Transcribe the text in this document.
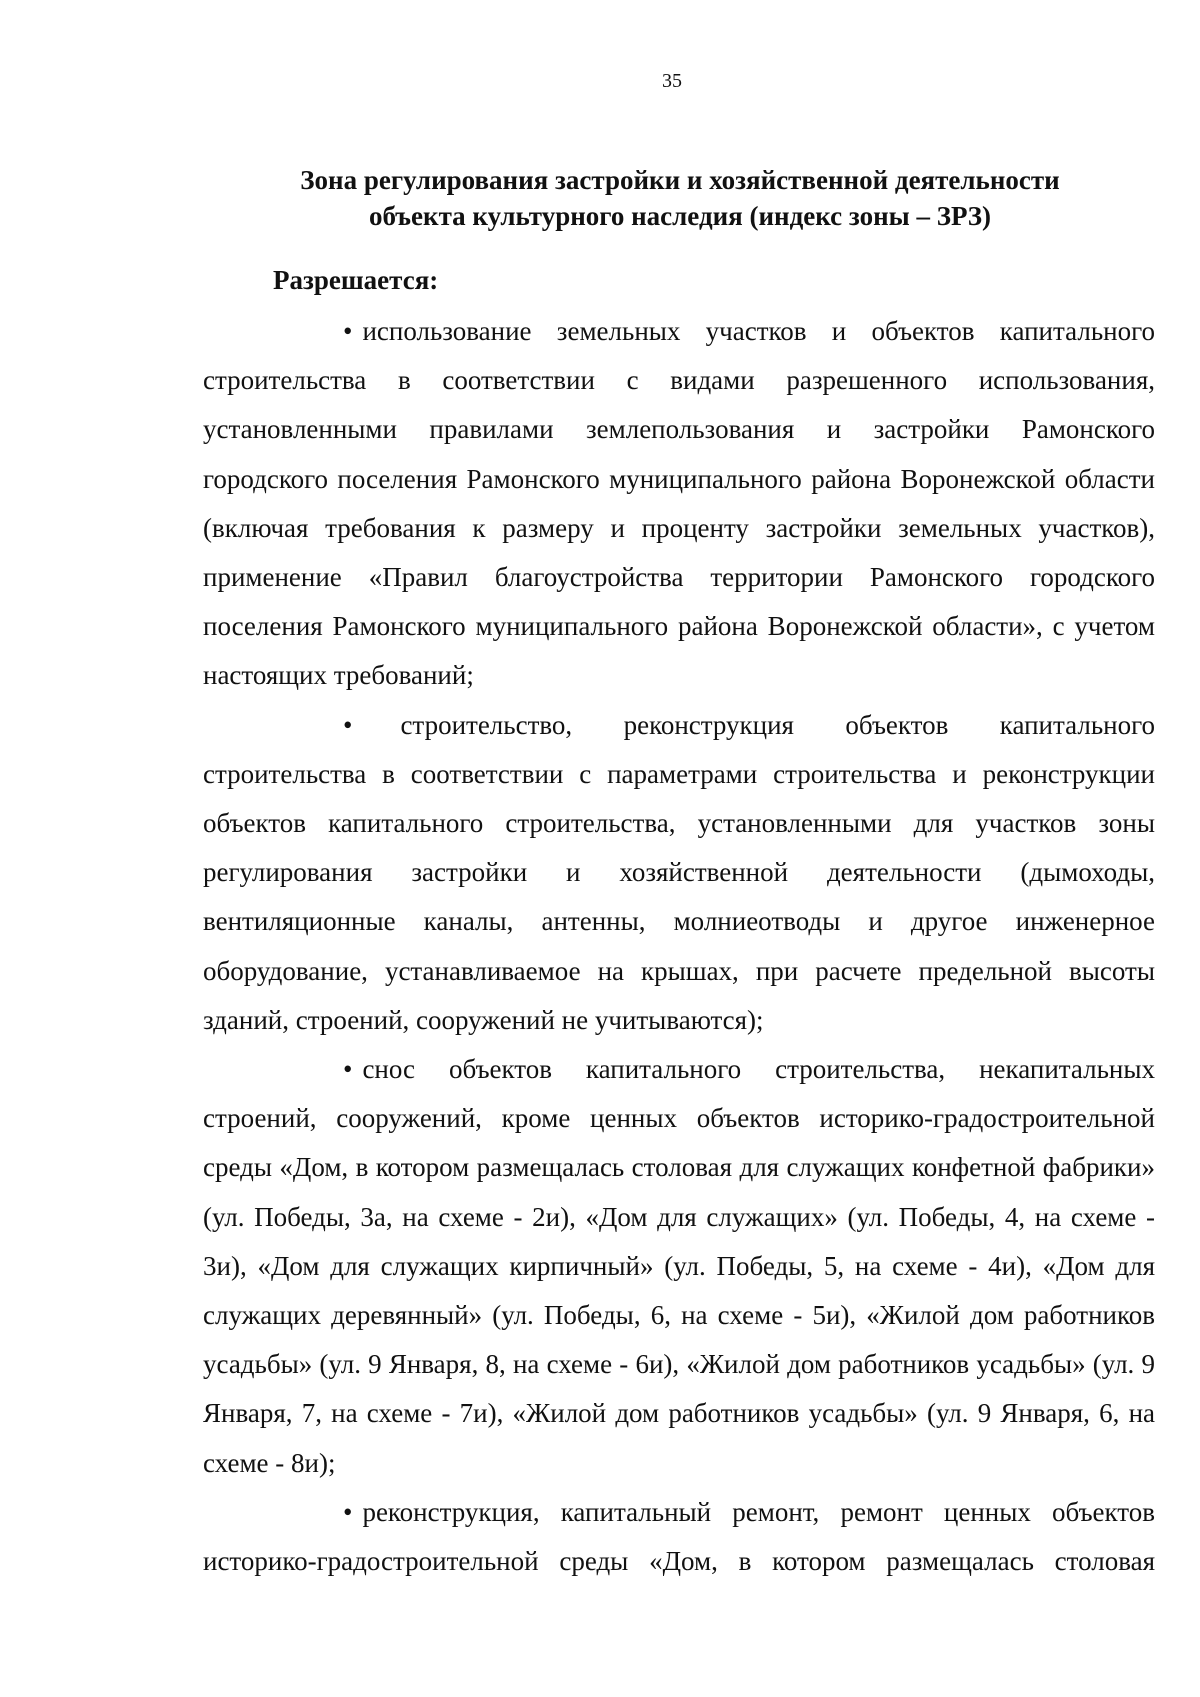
35
Зона регулирования застройки и хозяйственной деятельности
объекта культурного наследия (индекс зоны – ЗРЗ)
Разрешается:

• использование земельных участков и объектов капитального строительства в соответствии с видами разрешенного использования, установленными правилами землепользования и застройки Рамонского городского поселения Рамонского муниципального района Воронежской области (включая требования к размеру и проценту застройки земельных участков), применение «Правил благоустройства территории Рамонского городского поселения Рамонского муниципального района Воронежской области», с учетом настоящих требований;

• строительство, реконструкция объектов капитального строительства в соответствии с параметрами строительства и реконструкции объектов капитального строительства, установленными для участков зоны регулирования застройки и хозяйственной деятельности (дымоходы, вентиляционные каналы, антенны, молниеотводы и другое инженерное оборудование, устанавливаемое на крышах, при расчете предельной высоты зданий, строений, сооружений не учитываются);

• снос объектов капитального строительства, некапитальных строений, сооружений, кроме ценных объектов историко-градостроительной среды «Дом, в котором размещалась столовая для служащих конфетной фабрики» (ул. Победы, 3а, на схеме - 2и), «Дом для служащих» (ул. Победы, 4, на схеме - 3и), «Дом для служащих кирпичный» (ул. Победы, 5, на схеме - 4и), «Дом для служащих деревянный» (ул. Победы, 6, на схеме - 5и), «Жилой дом работников усадьбы» (ул. 9 Января, 8, на схеме - 6и), «Жилой дом работников усадьбы» (ул. 9 Января, 7, на схеме - 7и), «Жилой дом работников усадьбы» (ул. 9 Января, 6, на схеме - 8и);

• реконструкция, капитальный ремонт, ремонт ценных объектов историко-градостроительной среды «Дом, в котором размещалась столовая
